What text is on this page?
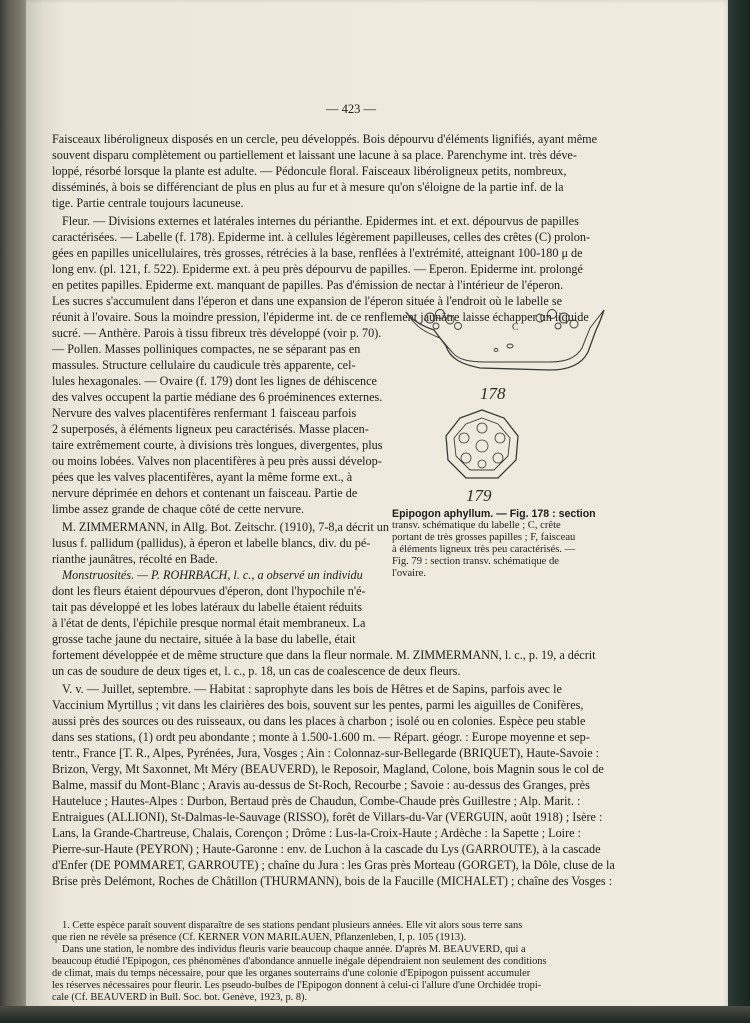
— 423 —
Faisceaux libéroligneux disposés en un cercle, peu développés. Bois dépourvu d'éléments lignifiés, ayant même
souvent disparu complètement ou partiellement et laissant une lacune à sa place. Parenchyme int. très déve-
loppé, résorbé lorsque la plante est adulte. — Pédoncule floral. Faisceaux libéroligneux petits, nombreux,
disséminés, à bois se différenciant de plus en plus au fur et à mesure qu'on s'éloigne de la partie inf. de la
tige. Partie centrale toujours lacuneuse.
Fleur. — Divisions externes et latérales internes du périanthe. Epidermes int. et ext. dépourvus de papilles
caractérisées. — Labelle (f. 178). Epiderme int. à cellules légèrement papilleuses, celles des crêtes (C) prolon-
gées en papilles unicellulaires, très grosses, rétrécies à la base, renflées à l'extrémité, atteignant 100-180 μ de
long env. (pl. 121, f. 522). Epiderme ext. à peu près dépourvu de papilles. — Eperon. Epiderme int. prolongé
en petites papilles. Epiderme ext. manquant de papilles. Pas d'émission de nectar à l'intérieur de l'éperon.
Les sucres s'accumulent dans l'éperon et dans une expansion de l'éperon située à l'endroit où le labelle se
réunit à l'ovaire. Sous la moindre pression, l'épiderme int. de ce renflement jaunâtre laisse échapper un liquide
sucré. — Anthère. Parois à tissu fibreux très développé (voir p. 70).
— Pollen. Masses polliniques compactes, ne se séparant pas en
massules. Structure cellulaire du caudicule très apparente, cel-
lules hexagonales. — Ovaire (f. 179) dont les lignes de déhiscence
des valves occupent la partie médiane des 6 proéminences externes.
Nervure des valves placentifères renfermant 1 faisceau parfois
2 superposés, à éléments ligneux peu caractérisés. Masse placen-
taire extrêmement courte, à divisions très longues, divergentes, plus
ou moins lobées. Valves non placentifères à peu près aussi dévelop-
pées que les valves placentifères, ayant la même forme ext., à
nervure déprimée en dehors et contenant un faisceau. Partie de
limbe assez grande de chaque côté de cette nervure.
M. ZIMMERMANN, in Allg. Bot. Zeitschr. (1910), 7-8,a décrit un
lusus f. pallidum (pallidus), à éperon et labelle blancs, div. du pé-
rianthe jaunâtres, récolté en Bade.
Monstruosités. — P. ROHRBACH, l. c., a observé un individu
dont les fleurs étaient dépourvues d'éperon, dont l'hypochile n'é-
tait pas développé et les lobes latéraux du labelle étaient réduits
à l'état de dents, l'épichile presque normal était membraneux. La
grosse tache jaune du nectaire, située à la base du labelle, était
fortement développée et de même structure que dans la fleur normale. M. ZIMMERMANN, l. c., p. 19, a décrit
un cas de soudure de deux tiges et, l. c., p. 18, un cas de coalescence de deux fleurs.
V. v. — Juillet, septembre. — Habitat : saprophyte dans les bois de Hêtres et de Sapins, parfois avec le
Vaccinium Myrtillus ; vit dans les clairières des bois, souvent sur les pentes, parmi les aiguilles de Conifères,
aussi près des sources ou des ruisseaux, ou dans les places à charbon ; isolé ou en colonies. Espèce peu stable
dans ses stations, (1) ordt peu abondante ; monte à 1.500-1.600 m. — Répart. géogr. : Europe moyenne et sep-
tentr., France [T. R., Alpes, Pyrénées, Jura, Vosges ; Ain : Colonnaz-sur-Bellegarde (BRIQUET), Haute-Savoie :
Brizon, Vergy, Mt Saxonnet, Mt Méry (BEAUVERD), le Reposoir, Magland, Colone, bois Magnin sous le col de
Balme, massif du Mont-Blanc ; Aravis au-dessus de St-Roch, Recourbe ; Savoie : au-dessus des Granges, près
Hauteluce ; Hautes-Alpes : Durbon, Bertaud près de Chaudun, Combe-Chaude près Guillestre ; Alp. Marit. :
Entraigues (ALLIONI), St-Dalmas-le-Sauvage (RISSO), forêt de Villars-du-Var (VERGUIN, août 1918) ; Isère :
Lans, la Grande-Chartreuse, Chalais, Corençon ; Drôme : Lus-la-Croix-Haute ; Ardèche : la Sapette ; Loire :
Pierre-sur-Haute (PEYRON) ; Haute-Garonne : env. de Luchon à la cascade du Lys (GARROUTE), à la cascade
d'Enfer (DE POMMARET, GARROUTE) ; chaîne du Jura : les Gras près Morteau (GORGET), la Dôle, cluse de la
Brise près Delémont, Roches de Châtillon (THURMANN), bois de la Faucille (MICHALET) ; chaîne des Vosges :
1. Cette espèce paraît souvent disparaître de ses stations pendant plusieurs années. Elle vit alors sous terre sans
que rien ne révèle sa présence (Cf. KERNER VON MARILAUEN, Pflanzenleben, I, p. 105 (1913).
Dans une station, le nombre des individus fleuris varie beaucoup chaque année. D'après M. BEAUVERD, qui a
beaucoup étudié l'Epipogon, ces phénomènes d'abondance annuelle inégale dépendraient non seulement des conditions
de climat, mais du temps nécessaire, pour que les organes souterrains d'une colonie d'Epipogon puissent accumuler
les réserves nécessaires pour fleurir. Les pseudo-bulbes de l'Epipogon donnent à celui-ci l'allure d'une Orchidée tropi-
cale (Cf. BEAUVERD in Bull. Soc. bot. Genève, 1923, p. 8).
C
178
179
Epipogon aphyllum. — Fig. 178 : section
transv. schématique du labelle ; C, crête
portant de très grosses papilles ; F, faisceau
à éléments ligneux très peu caractérisés. —
Fig. 79 : section transv. schématique de
l'ovaire.
